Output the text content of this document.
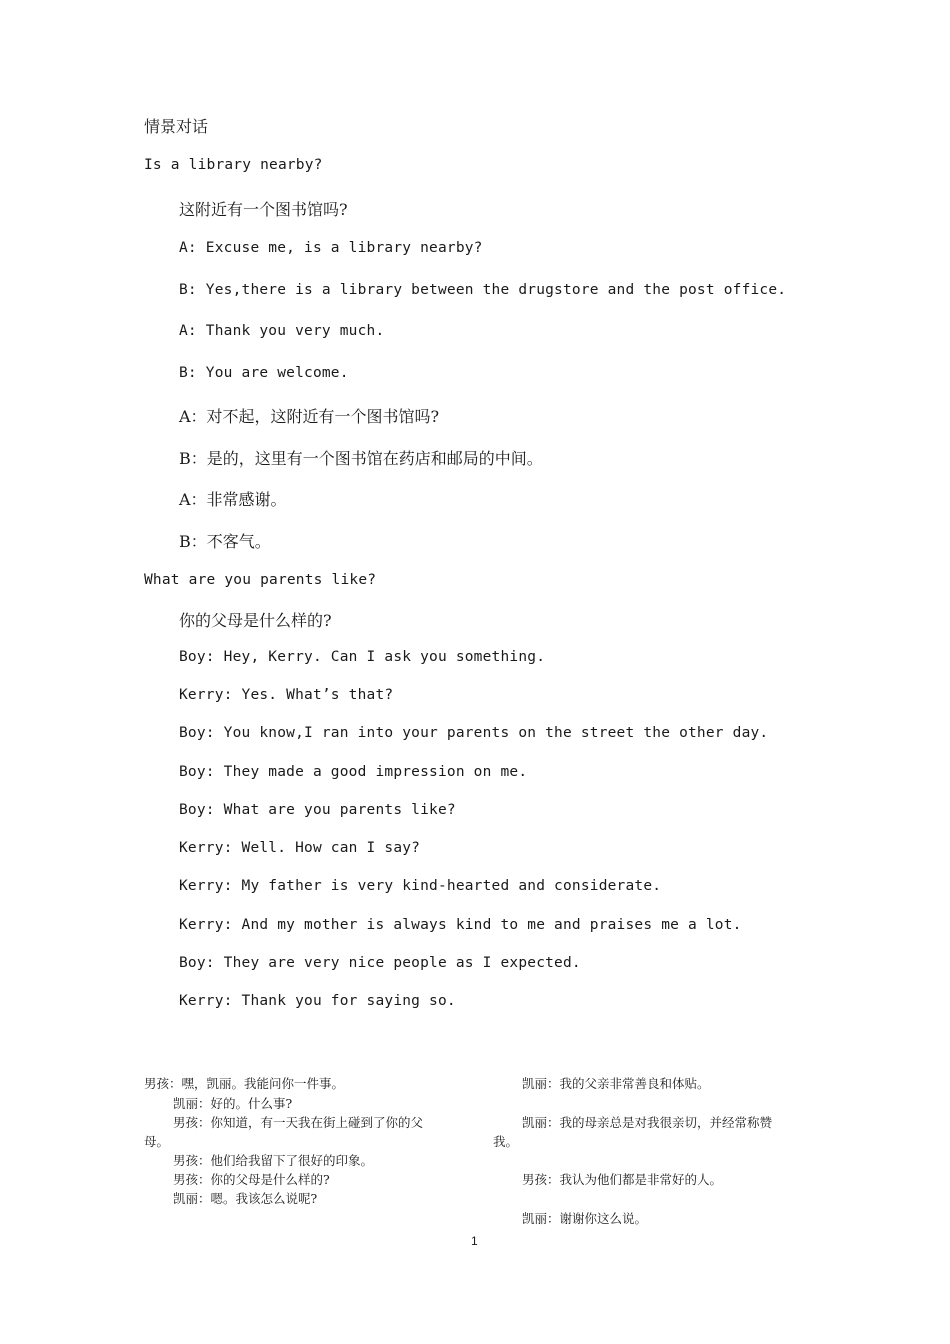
情景对话
Is a library nearby?
这附近有一个图书馆吗?
A: Excuse me, is a library nearby?
B: Yes,there is a library between the drugstore and the post office.
A: Thank you very much.
B: You are welcome.
A：对不起，这附近有一个图书馆吗?
B：是的，这里有一个图书馆在药店和邮局的中间。
A：非常感谢。
B：不客气。
What are you parents like?
你的父母是什么样的?
Boy: Hey, Kerry. Can I ask you something.
Kerry: Yes. What’s that?
Boy: You know,I ran into your parents on the street the other day.
Boy: They made a good impression on me.
Boy: What are you parents like?
Kerry: Well. How can I say?
Kerry: My father is very kind-hearted and considerate.
Kerry: And my mother is always kind to me and praises me a lot.
Boy: They are very nice people as I expected.
Kerry: Thank you for saying so.
男孩：嘿，凯丽。我能问你一件事。
凯丽：好的。什么事?
男孩：你知道，有一天我在街上碰到了你的父
母。
男孩：他们给我留下了很好的印象。
男孩：你的父母是什么样的?
凯丽：嗯。我该怎么说呢?
凯丽：我的父亲非常善良和体贴。
凯丽：我的母亲总是对我很亲切，并经常称赞
我。
男孩：我认为他们都是非常好的人。
凯丽：谢谢你这么说。
1
